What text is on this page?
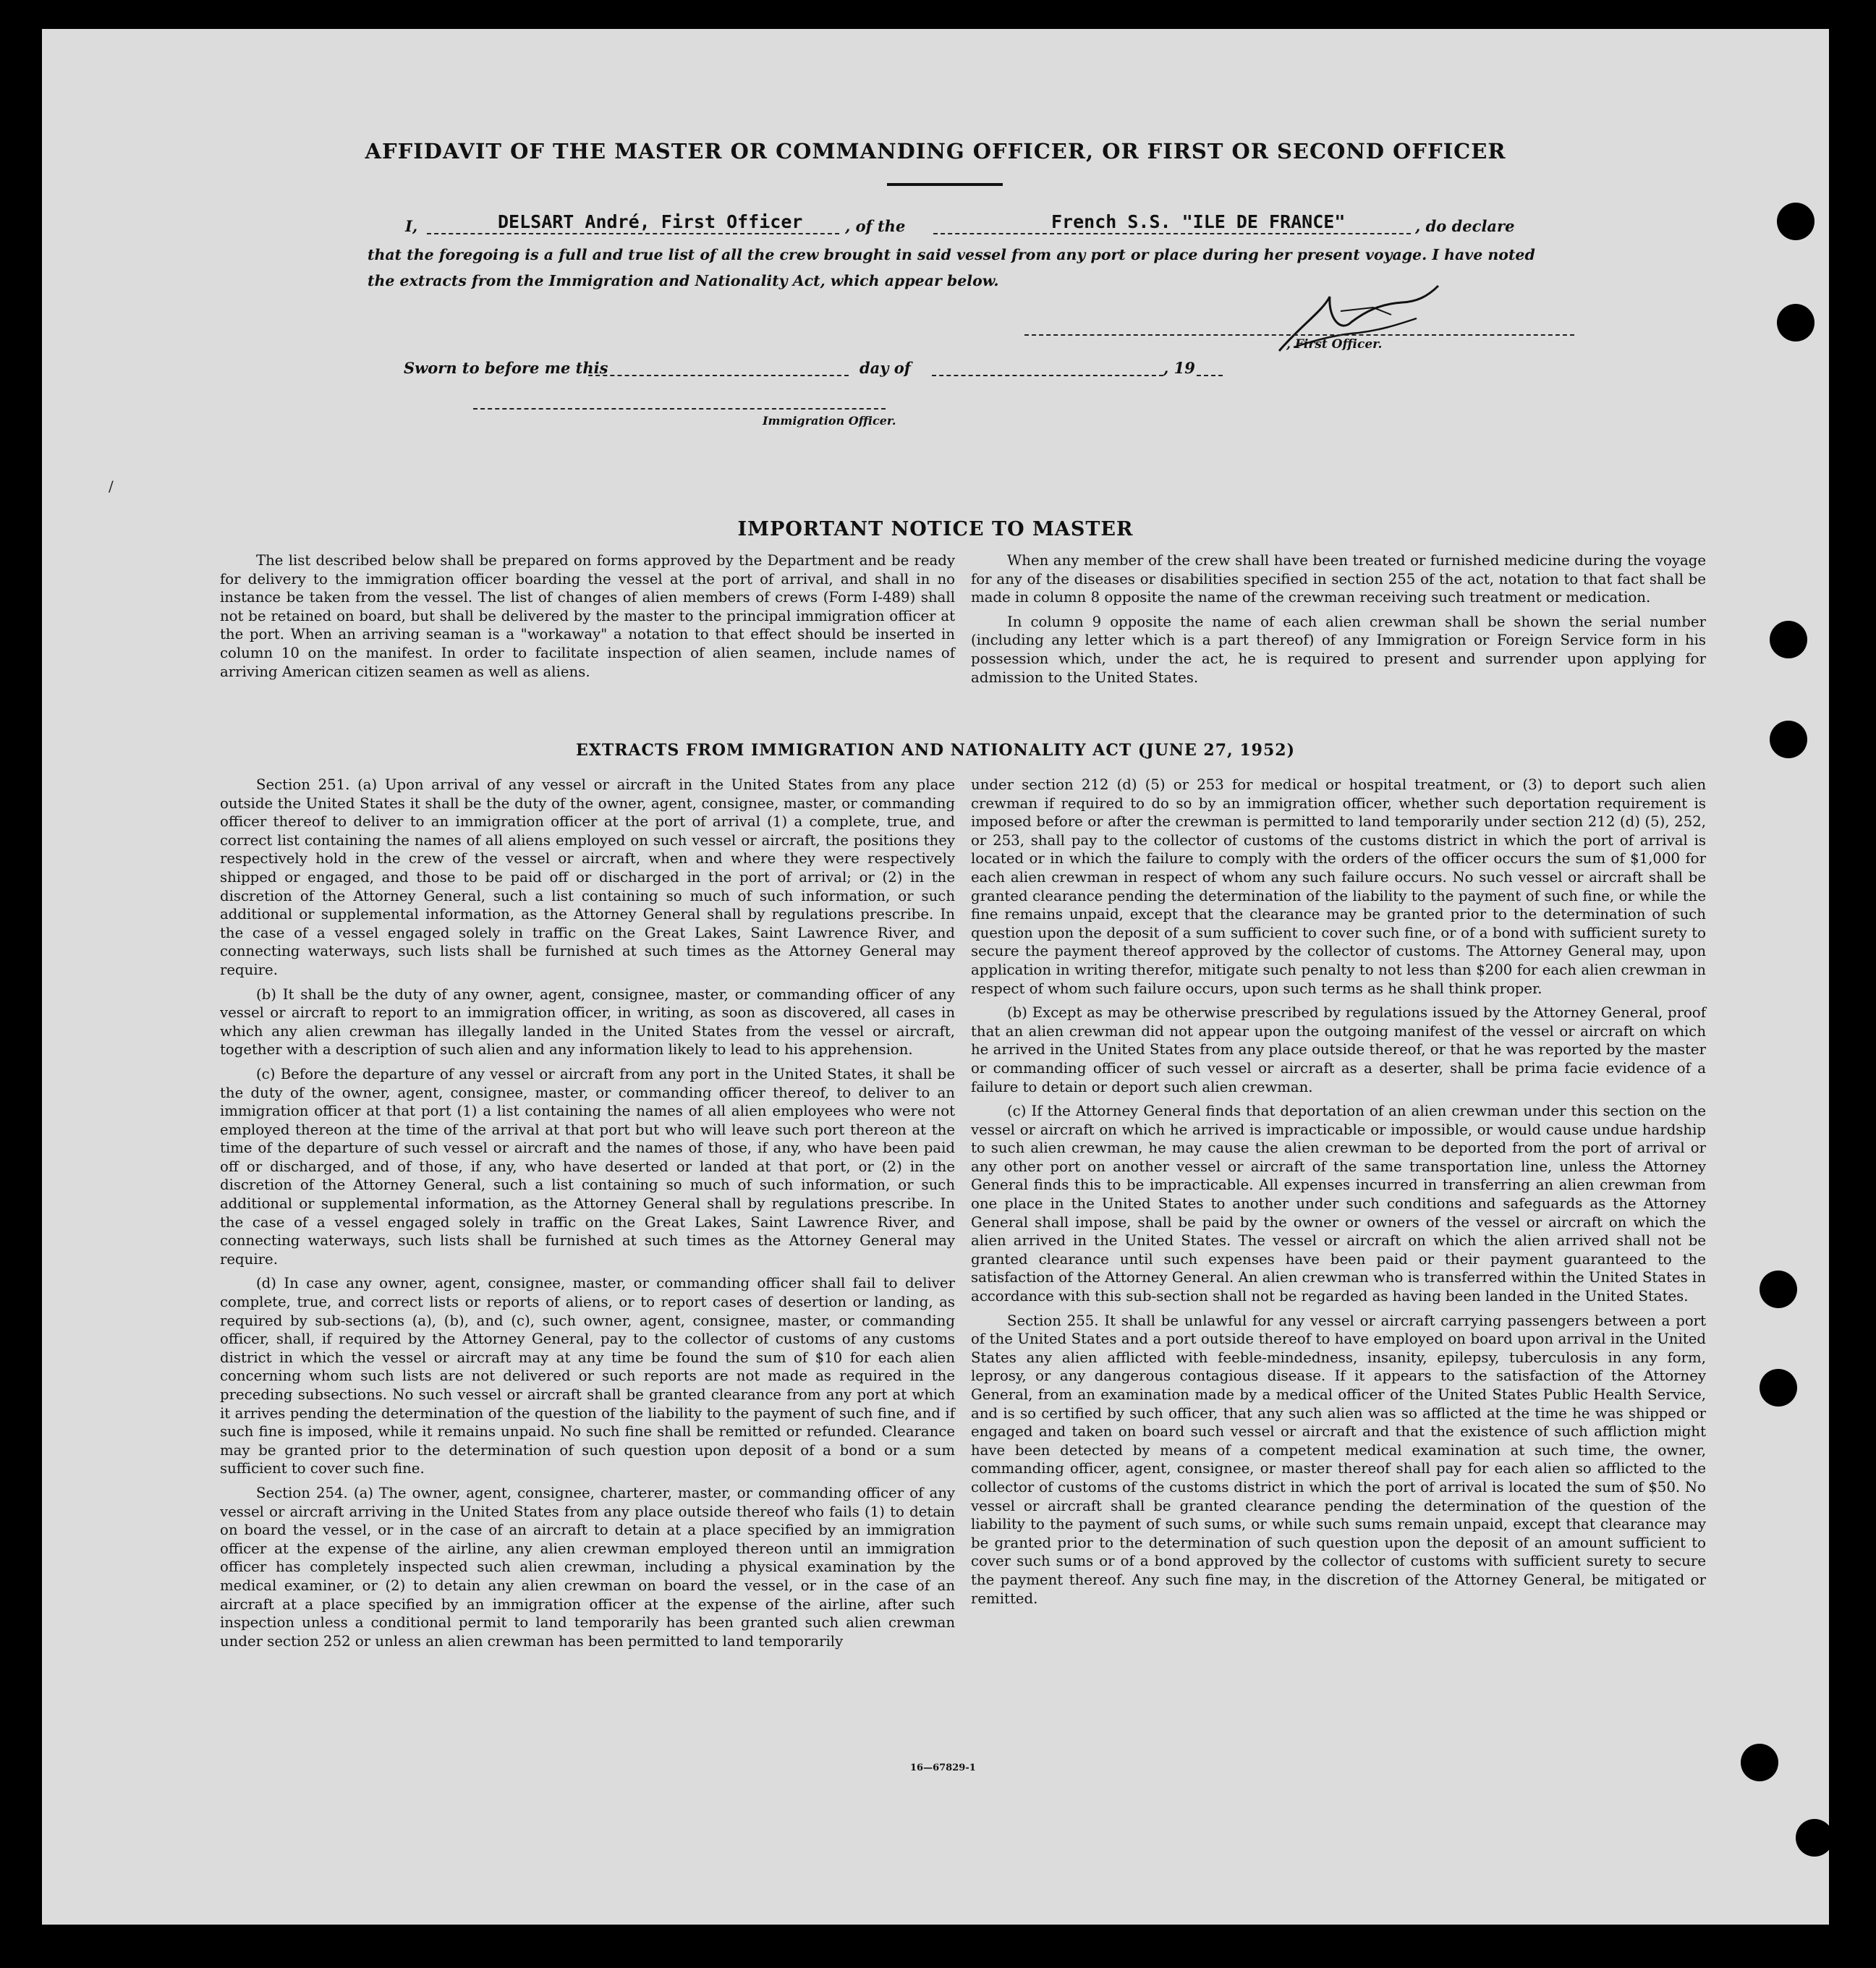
AFFIDAVIT OF THE MASTER OR COMMANDING OFFICER, OR FIRST OR SECOND OFFICER
I,	DELSART André, First Officer	, of the	French S.S. "ILE DE FRANCE"	, do declare
that the foregoing is a full and true list of all the crew brought in said vessel from any port or place during her present voyage. I have noted
the extracts from the Immigration and Nationality Act, which appear below.
, First Officer.
Sworn to before me this	day of	, 19
Immigration Officer.
/
IMPORTANT NOTICE TO MASTER

The list described below shall be prepared on forms approved by the Department and be ready for delivery to the immigration officer boarding the vessel at the port of arrival, and shall in no instance be taken from the vessel. The list of changes of alien members of crews (Form I-489) shall not be retained on board, but shall be delivered by the master to the principal immigration officer at the port. When an arriving seaman is a "workaway" a notation to that effect should be inserted in column 10 on the manifest. In order to facilitate inspection of alien seamen, include names of arriving American citizen seamen as well as aliens.

When any member of the crew shall have been treated or furnished medicine during the voyage for any of the diseases or disabilities specified in section 255 of the act, notation to that fact shall be made in column 8 opposite the name of the crewman receiving such treatment or medication.

In column 9 opposite the name of each alien crewman shall be shown the serial number (including any letter which is a part thereof) of any Immigration or Foreign Service form in his possession which, under the act, he is required to present and surrender upon applying for admission to the United States.

EXTRACTS FROM IMMIGRATION AND NATIONALITY ACT (JUNE 27, 1952)

Section 251. (a) Upon arrival of any vessel or aircraft in the United States from any place outside the United States it shall be the duty of the owner, agent, consignee, master, or commanding officer thereof to deliver to an immigration officer at the port of arrival (1) a complete, true, and correct list containing the names of all aliens employed on such vessel or aircraft, the positions they respectively hold in the crew of the vessel or aircraft, when and where they were respectively shipped or engaged, and those to be paid off or discharged in the port of arrival; or (2) in the discretion of the Attorney General, such a list containing so much of such information, or such additional or supplemental information, as the Attorney General shall by regulations prescribe. In the case of a vessel engaged solely in traffic on the Great Lakes, Saint Lawrence River, and connecting waterways, such lists shall be furnished at such times as the Attorney General may require.

(b) It shall be the duty of any owner, agent, consignee, master, or commanding officer of any vessel or aircraft to report to an immigration officer, in writing, as soon as discovered, all cases in which any alien crewman has illegally landed in the United States from the vessel or aircraft, together with a description of such alien and any information likely to lead to his apprehension.

(c) Before the departure of any vessel or aircraft from any port in the United States, it shall be the duty of the owner, agent, consignee, master, or commanding officer thereof, to deliver to an immigration officer at that port (1) a list containing the names of all alien employees who were not employed thereon at the time of the arrival at that port but who will leave such port thereon at the time of the departure of such vessel or aircraft and the names of those, if any, who have been paid off or discharged, and of those, if any, who have deserted or landed at that port, or (2) in the discretion of the Attorney General, such a list containing so much of such information, or such additional or supplemental information, as the Attorney General shall by regulations prescribe. In the case of a vessel engaged solely in traffic on the Great Lakes, Saint Lawrence River, and connecting waterways, such lists shall be furnished at such times as the Attorney General may require.

(d) In case any owner, agent, consignee, master, or commanding officer shall fail to deliver complete, true, and correct lists or reports of aliens, or to report cases of desertion or landing, as required by sub-sections (a), (b), and (c), such owner, agent, consignee, master, or commanding officer, shall, if required by the Attorney General, pay to the collector of customs of any customs district in which the vessel or aircraft may at any time be found the sum of $10 for each alien concerning whom such lists are not delivered or such reports are not made as required in the preceding subsections. No such vessel or aircraft shall be granted clearance from any port at which it arrives pending the determination of the question of the liability to the payment of such fine, and if such fine is imposed, while it remains unpaid. No such fine shall be remitted or refunded. Clearance may be granted prior to the determination of such question upon deposit of a bond or a sum sufficient to cover such fine.

Section 254. (a) The owner, agent, consignee, charterer, master, or commanding officer of any vessel or aircraft arriving in the United States from any place outside thereof who fails (1) to detain on board the vessel, or in the case of an aircraft to detain at a place specified by an immigration officer at the expense of the airline, any alien crewman employed thereon until an immigration officer has completely inspected such alien crewman, including a physical examination by the medical examiner, or (2) to detain any alien crewman on board the vessel, or in the case of an aircraft at a place specified by an immigration officer at the expense of the airline, after such inspection unless a conditional permit to land temporarily has been granted such alien crewman under section 252 or unless an alien crewman has been permitted to land temporarily

under section 212 (d) (5) or 253 for medical or hospital treatment, or (3) to deport such alien crewman if required to do so by an immigration officer, whether such deportation requirement is imposed before or after the crewman is permitted to land temporarily under section 212 (d) (5), 252, or 253, shall pay to the collector of customs of the customs district in which the port of arrival is located or in which the failure to comply with the orders of the officer occurs the sum of $1,000 for each alien crewman in respect of whom any such failure occurs. No such vessel or aircraft shall be granted clearance pending the determination of the liability to the payment of such fine, or while the fine remains unpaid, except that the clearance may be granted prior to the determination of such question upon the deposit of a sum sufficient to cover such fine, or of a bond with sufficient surety to secure the payment thereof approved by the collector of customs. The Attorney General may, upon application in writing therefor, mitigate such penalty to not less than $200 for each alien crewman in respect of whom such failure occurs, upon such terms as he shall think proper.

(b) Except as may be otherwise prescribed by regulations issued by the Attorney General, proof that an alien crewman did not appear upon the outgoing manifest of the vessel or aircraft on which he arrived in the United States from any place outside thereof, or that he was reported by the master or commanding officer of such vessel or aircraft as a deserter, shall be prima facie evidence of a failure to detain or deport such alien crewman.

(c) If the Attorney General finds that deportation of an alien crewman under this section on the vessel or aircraft on which he arrived is impracticable or impossible, or would cause undue hardship to such alien crewman, he may cause the alien crewman to be deported from the port of arrival or any other port on another vessel or aircraft of the same transportation line, unless the Attorney General finds this to be impracticable. All expenses incurred in transferring an alien crewman from one place in the United States to another under such conditions and safeguards as the Attorney General shall impose, shall be paid by the owner or owners of the vessel or aircraft on which the alien arrived in the United States. The vessel or aircraft on which the alien arrived shall not be granted clearance until such expenses have been paid or their payment guaranteed to the satisfaction of the Attorney General. An alien crewman who is transferred within the United States in accordance with this sub-section shall not be regarded as having been landed in the United States.

Section 255. It shall be unlawful for any vessel or aircraft carrying passengers between a port of the United States and a port outside thereof to have employed on board upon arrival in the United States any alien afflicted with feeble-mindedness, insanity, epilepsy, tuberculosis in any form, leprosy, or any dangerous contagious disease. If it appears to the satisfaction of the Attorney General, from an examination made by a medical officer of the United States Public Health Service, and is so certified by such officer, that any such alien was so afflicted at the time he was shipped or engaged and taken on board such vessel or aircraft and that the existence of such affliction might have been detected by means of a competent medical examination at such time, the owner, commanding officer, agent, consignee, or master thereof shall pay for each alien so afflicted to the collector of customs of the customs district in which the port of arrival is located the sum of $50. No vessel or aircraft shall be granted clearance pending the determination of the question of the liability to the payment of such sums, or while such sums remain unpaid, except that clearance may be granted prior to the determination of such question upon the deposit of an amount sufficient to cover such sums or of a bond approved by the collector of customs with sufficient surety to secure the payment thereof. Any such fine may, in the discretion of the Attorney General, be mitigated or remitted.

16—67829-1
